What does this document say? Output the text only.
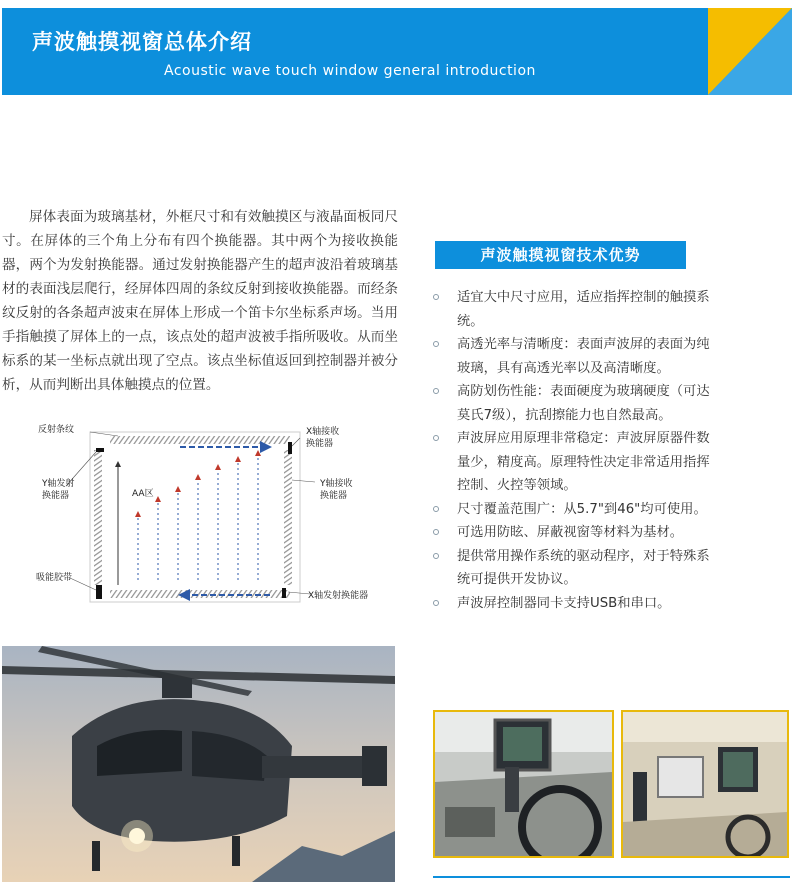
声波触摸视窗总体介绍
Acoustic wave touch window general introduction

屏体表面为玻璃基材，外框尺寸和有效触摸区与液晶面板同尺寸。在屏体的三个角上分布有四个换能器。其中两个为接收换能器，两个为发射换能器。通过发射换能器产生的超声波沿着玻璃基材的表面浅层爬行，经屏体四周的条纹反射到接收换能器。而经条纹反射的各条超声波束在屏体上形成一个笛卡尔坐标系声场。当用手指触摸了屏体上的一点，该点处的超声波被手指所吸收。从而坐标系的某一坐标点就出现了空点。该点坐标值返回到控制器并被分析，从而判断出具体触摸点的位置。

反射条纹	X轴接收
换能器
Y轴发射
换能器	AA区
Y轴接收
换能器
吸能胶带
X轴发射换能器
声波触摸视窗技术优势
适宜大中尺寸应用，适应指挥控制的触摸系统。
高透光率与清晰度：表面声波屏的表面为纯玻璃，具有高透光率以及高清晰度。
高防划伤性能：表面硬度为玻璃硬度（可达莫氏7级），抗刮擦能力也自然最高。
声波屏应用原理非常稳定：声波屏原器件数量少，精度高。原理特性决定非常适用指挥控制、火控等领域。
尺寸覆盖范围广：从5.7"到46"均可使用。
可选用防眩、屏蔽视窗等材料为基材。
提供常用操作系统的驱动程序，对于特殊系统可提供开发协议。
声波屏控制器同卡支持USB和串口。
